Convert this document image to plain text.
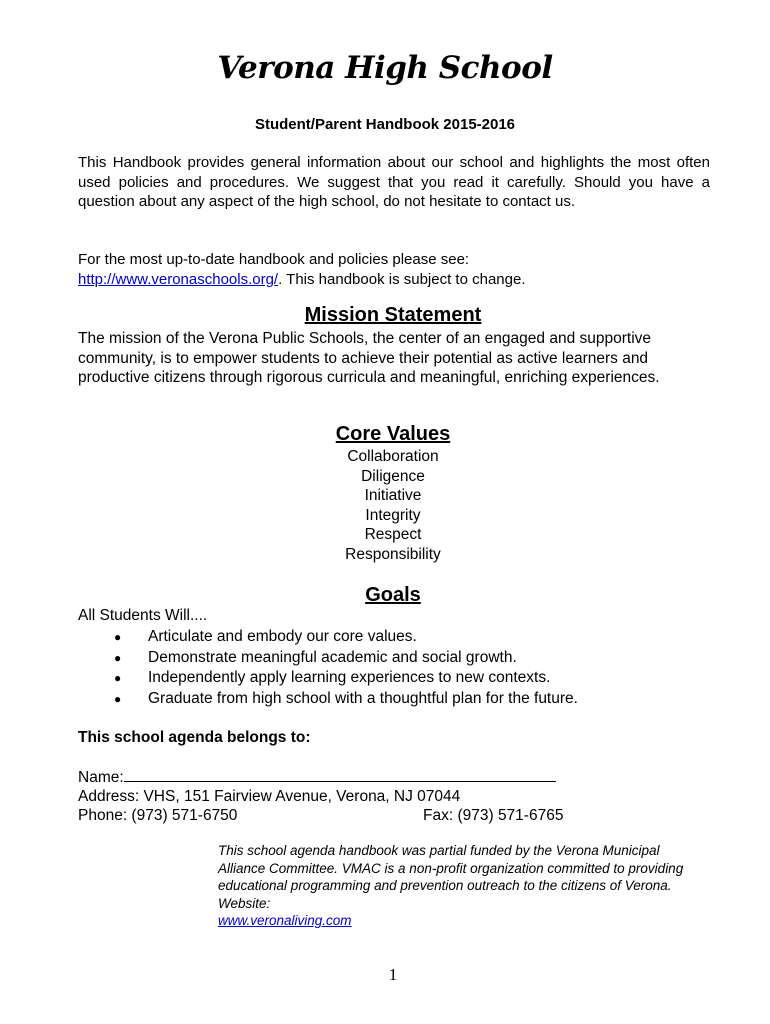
Verona High School
Student/Parent Handbook 2015-2016
This Handbook provides general information about our school and highlights the most often used policies and procedures. We suggest that you read it carefully. Should you have a question about any aspect of the high school, do not hesitate to contact us.
For the most up-to-date handbook and policies please see:
http://www.veronaschools.org/. This handbook is subject to change.
Mission Statement
The mission of the Verona Public Schools, the center of an engaged and supportive community, is to empower students to achieve their potential as active learners and productive citizens through rigorous curricula and meaningful, enriching experiences.
Core Values
Collaboration
Diligence
Initiative
Integrity
Respect
Responsibility
Goals
All Students Will....
● Articulate and embody our core values.
● Demonstrate meaningful academic and social growth.
● Independently apply learning experiences to new contexts.
● Graduate from high school with a thoughtful plan for the future.
This school agenda belongs to:
Name:
Address: VHS, 151 Fairview Avenue, Verona, NJ 07044
Phone: (973) 571-6750	Fax: (973) 571-6765
This school agenda handbook was partial funded by the Verona Municipal Alliance Committee. VMAC is a non-profit organization committed to providing educational programming and prevention outreach to the citizens of Verona. Website:
www.veronaliving.com
1
